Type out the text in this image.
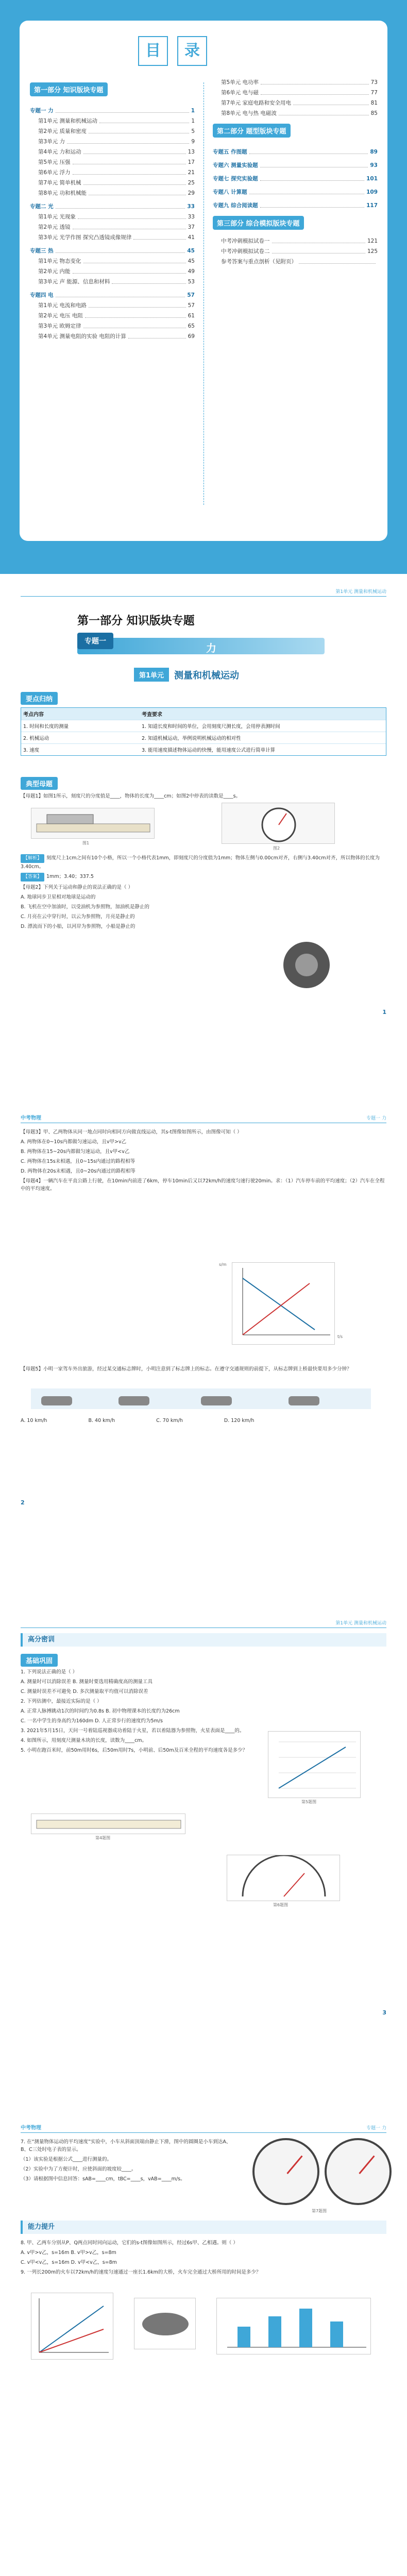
目	录
第一部分 知识版块专题
专题一 力	1
第1单元 测量和机械运动	1
第2单元 质量和密度	5
第3单元 力	9
第4单元 力和运动	13
第5单元 压强	17
第6单元 浮力	21
第7单元 简单机械	25
第8单元 功和机械能	29
专题二 光	33
第1单元 光现象	33
第2单元 透镜	37
第3单元 光学作图 探究凸透镜成像规律	41
专题三 热	45
第1单元 物态变化	45
第2单元 内能	49
第3单元 声 能源、信息和材料	53
专题四 电	57
第1单元 电流和电路	57
第2单元 电压 电阻	61
第3单元 欧姆定律	65
第4单元 测量电阻的实验 电阻的计算	69
第5单元 电功率	73
第6单元 电与磁	77
第7单元 家庭电路和安全用电	81
第8单元 电与热 电磁波	85
第二部分 题型版块专题
专题五 作图题	89
专题六 测量实验题	93
专题七 探究实验题	101
专题八 计算题	109
专题九 综合阅读题	117
第三部分 综合模拟版块专题
中考冲刺模拟试卷一	121
中考冲刺模拟试卷二	125
参考答案与重点剖析（见附页）
第1单元 测量和机械运动
第一部分 知识版块专题
专题一
力
第1单元	测量和机械运动
要点归纳
考点内容	考查要求
1. 时间和长度的测量	1. 知道长度和时间的单位，会用刻度尺测长度，会用停表测时间
2. 机械运动	2. 知道机械运动，举例说明机械运动的相对性
3. 速度	3. 能用速度描述物体运动的快慢，能用速度公式进行简单计算
典型母题

【母题1】如图1所示，刻度尺的分度值是____，物体的长度为____cm；如图2中停表的读数是____s。

图1
图2

【解析】 刻度尺上1cm之间有10个小格，所以一个小格代表1mm，即刻度尺的分度值为1mm；物体左侧与0.00cm对齐，右侧与3.40cm对齐，所以物体的长度为3.40cm。

【答案】 1mm；3.40；337.5

【母题2】下列关于运动和静止的说法正确的是（ ）

A. 地球同步卫星相对地球是运动的

B. 飞机在空中加油时，以受油机为参照物，加油机是静止的

C. 月亮在云中穿行时，以云为参照物，月亮是静止的

D. 漂流而下的小船，以河岸为参照物，小船是静止的

1
中考物理	专题一 力

【母题3】甲、乙两物体从同一地点同时向相同方向做直线运动，其s-t图像如图所示，由图像可知（ ）

A. 两物体在0~10s内都做匀速运动，且v甲>v乙

B. 两物体在15~20s内都做匀速运动，且v甲<v乙

C. 两物体在15s末相遇，且0~15s内通过的路程相等

D. 两物体在20s末相遇，且0~20s内通过的路程相等

【母题4】一辆汽车在平直公路上行驶，在10min内前进了6km，停车10min后又以72km/h的速度匀速行驶20min。求：（1）汽车停车前的平均速度；（2）汽车在全程中的平均速度。

s/m
t/s

【母题5】小明一家驾车外出旅游，经过某交通标志牌时，小明注意到了标志牌上的标志。在遵守交通规则的前提下，从标志牌到上桥最快要用多少分钟？

A. 10 km/h	B. 40 km/h	C. 70 km/h	D. 120 km/h
2
第1单元 测量和机械运动
高分密训
基础巩固

1. 下列说法正确的是（ ）

A. 测量时可以消除误差 B. 测量时要选用精确度高的测量工具

C. 测量时误差不可避免 D. 多次测量取平均值可以消除误差

2. 下列估测中，最接近实际的是（ ）

A. 正常人脉搏跳动1次的时间约为0.8s B. 初中物理课本的长度约为26cm

C. 一名中学生的身高约为160dm D. 人正常步行的速度约为5m/s

3. 2021年5月15日，天问一号着陆巡视器成功着陆于火星，若以着陆器为参照物，火星表面是____的。

4. 如图所示，用刻度尺测量木块的长度，读数为____cm。

5. 小明在跑百米时，前50m用时6s，后50m用时7s，小明前、后50m及百米全程的平均速度各是多少？

第5题图
第4题图
第6题图
3
中考物理	专题一 力

7. 在“测量物体运动的平均速度”实验中，小车从斜面顶端由静止下滑，图中的圆圈是小车到达A、B、C三处时电子表的显示。

（1）该实验是根据公式____进行测量的。

（2）实验中为了方便计时，应使斜面的坡度较____。

（3）请根据图中信息回答：sAB=____cm，tBC=____s，vAB=____m/s。

第7题图
能力提升

8. 甲、乙两车分别从P、Q两点同时同向运动，它们的s-t图像如图所示，经过6s甲、乙相遇。则（ ）

A. v甲>v乙，s=16m B. v甲>v乙，s=8m

C. v甲<v乙，s=16m D. v甲<v乙，s=8m

9. 一列长200m的火车以72km/h的速度匀速通过一座长1.6km的大桥，火车完全通过大桥所用的时间是多少？
